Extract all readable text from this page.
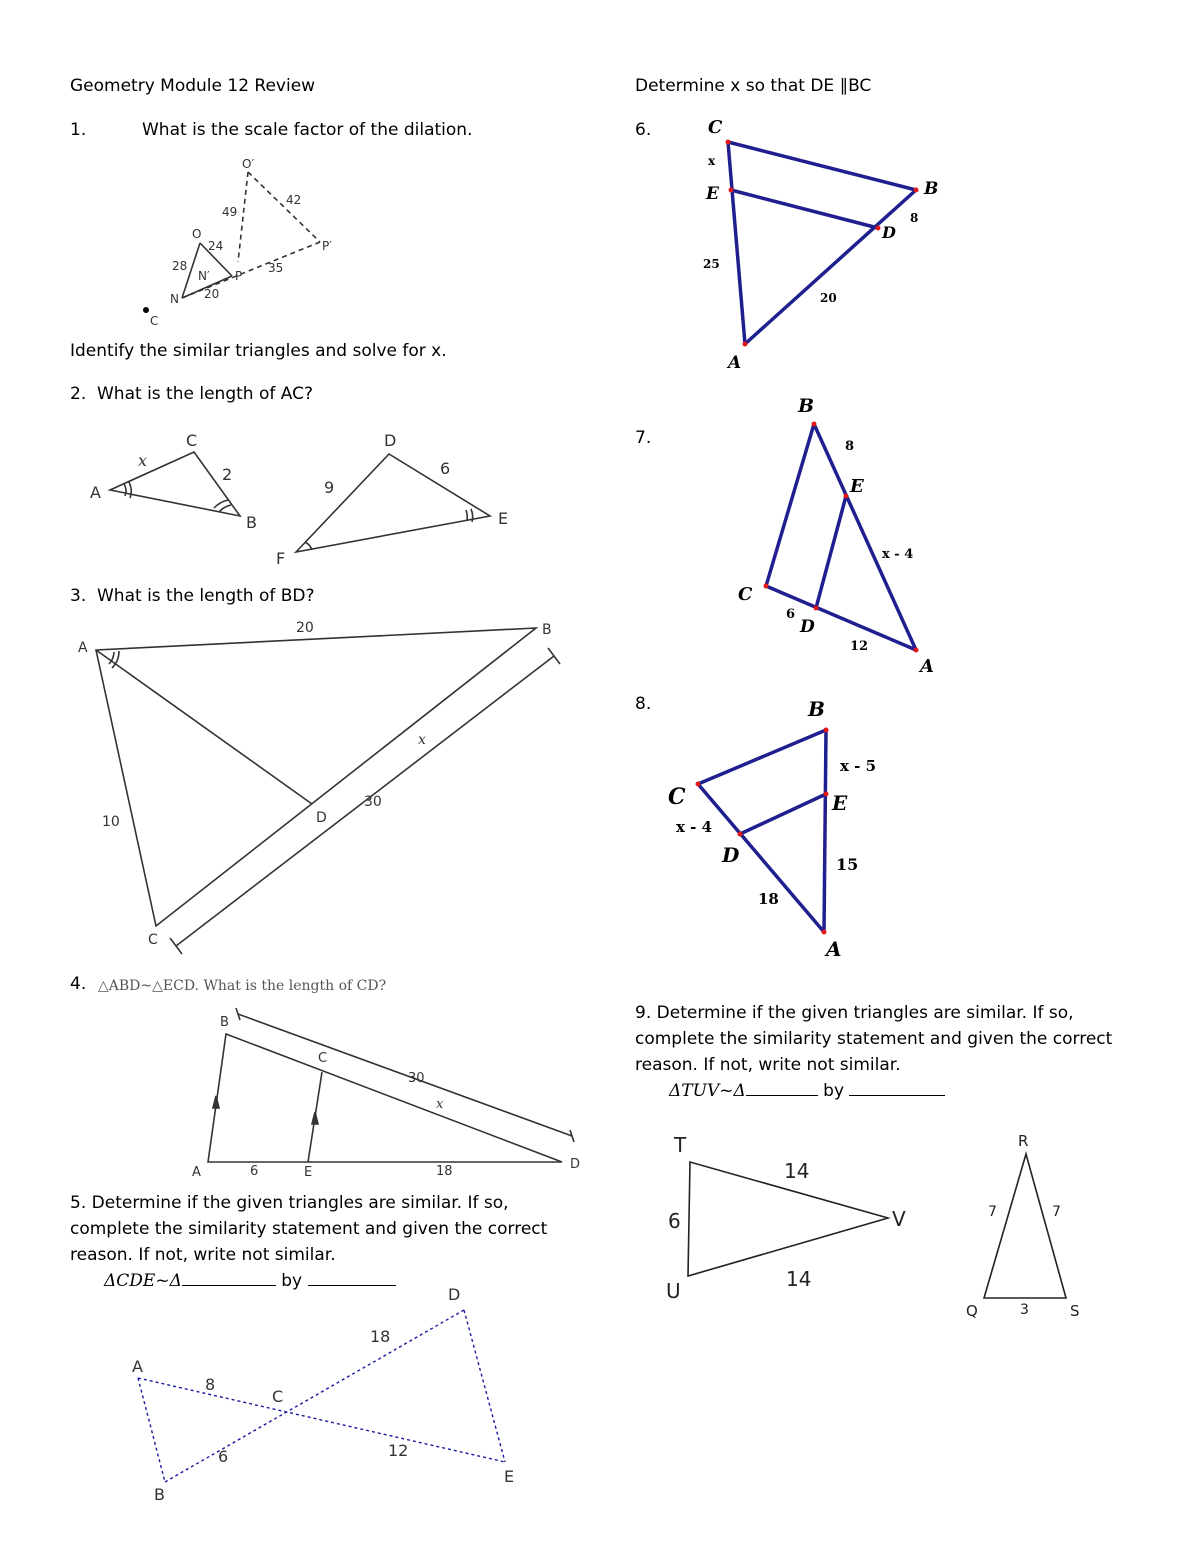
Geometry Module 12 Review	Determine x so that DE ∥BC
1.	What is the scale factor of the dilation.
O′
O
P′
N′ P
N
C
49
24
42
28	35
20
Identify the similar triangles and solve for x.
2. What is the length of AC?
A
C
B
x
2
D
E
F
9
6
3. What is the length of BD?
A
B
C
D
20
10
30
x
4. △ABD~△ECD. What is the length of CD?
A
B
C
D
E
6	18
30
x
5. Determine if the given triangles are similar. If so,
complete the similarity statement and given the correct
reason. If not, write not similar.
ΔCDE~Δ	by
A
B
C
D
E
8
6
18
12
6.	C
x
E	B
8
D
25
20
A
7.
B
8
E
x - 4
C
6
D
12
A
8.	B
x - 5
C	E
x - 4
D	15
18
A
9. Determine if the given triangles are similar. If so,
complete the similarity statement and given the correct
reason. If not, write not similar.
ΔTUV~Δ	by
T
6
U
14
14
V
R
7	7
Q	3	S
